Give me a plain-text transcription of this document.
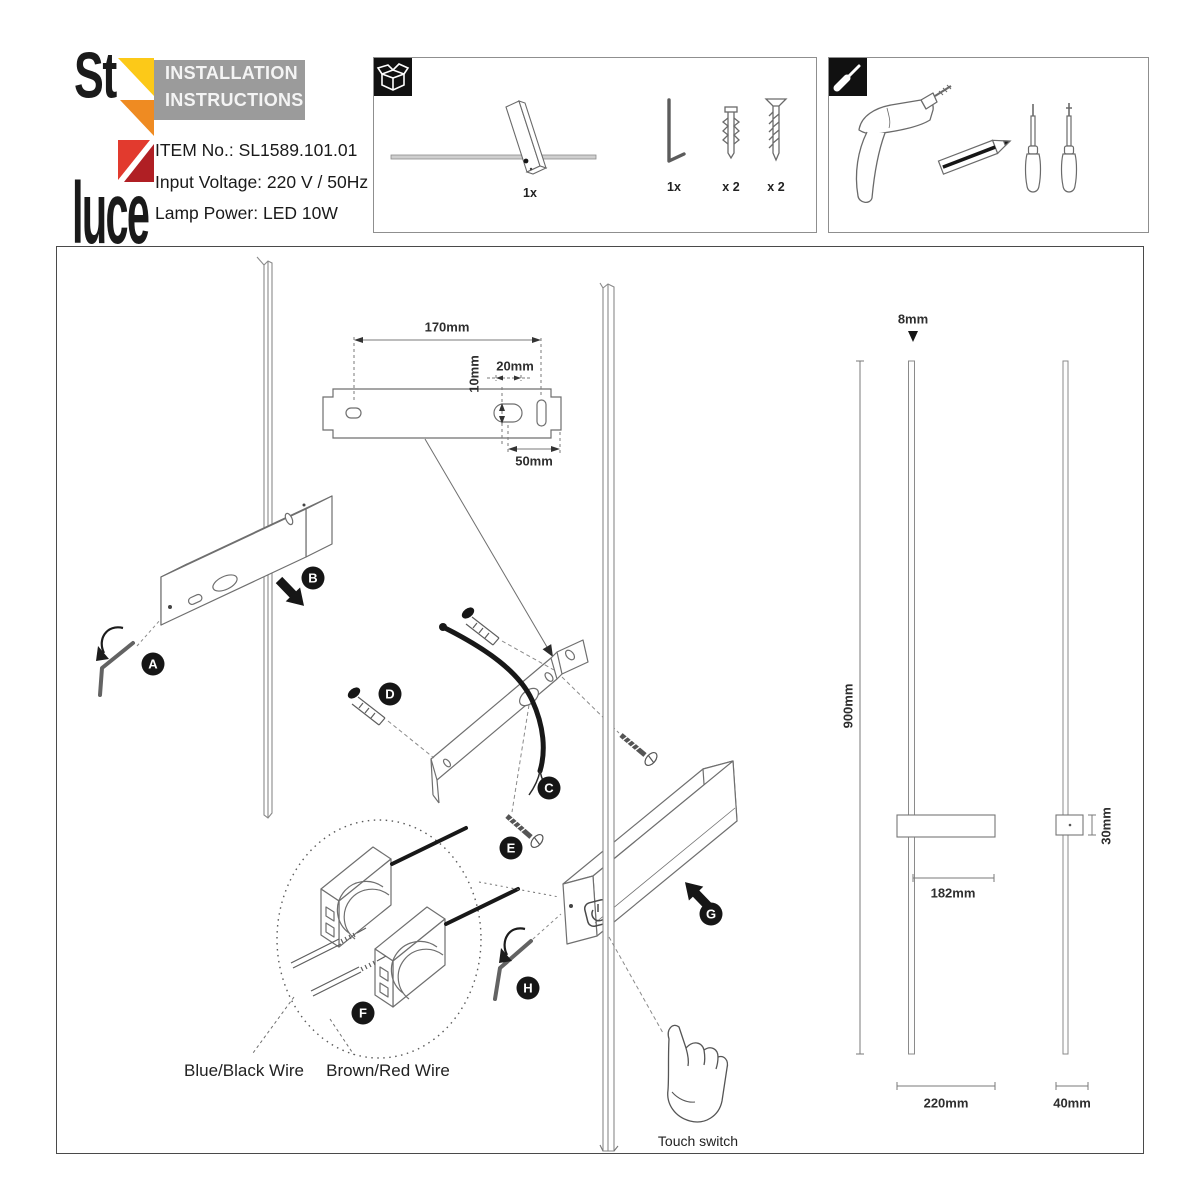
St
luce
INSTALLATION
INSTRUCTIONS
ITEM No.: SL1589.101.01
Input Voltage: 220 V / 50Hz
Lamp Power: LED 10W
1x	1x	x 2 x 2
A
B
C
D
E
F
G
H
170mm
10mm 20mm
50mm
8mm
900mm
182mm
30mm
220mm	40mm
Blue/Black Wire Brown/Red Wire
Touch switch
